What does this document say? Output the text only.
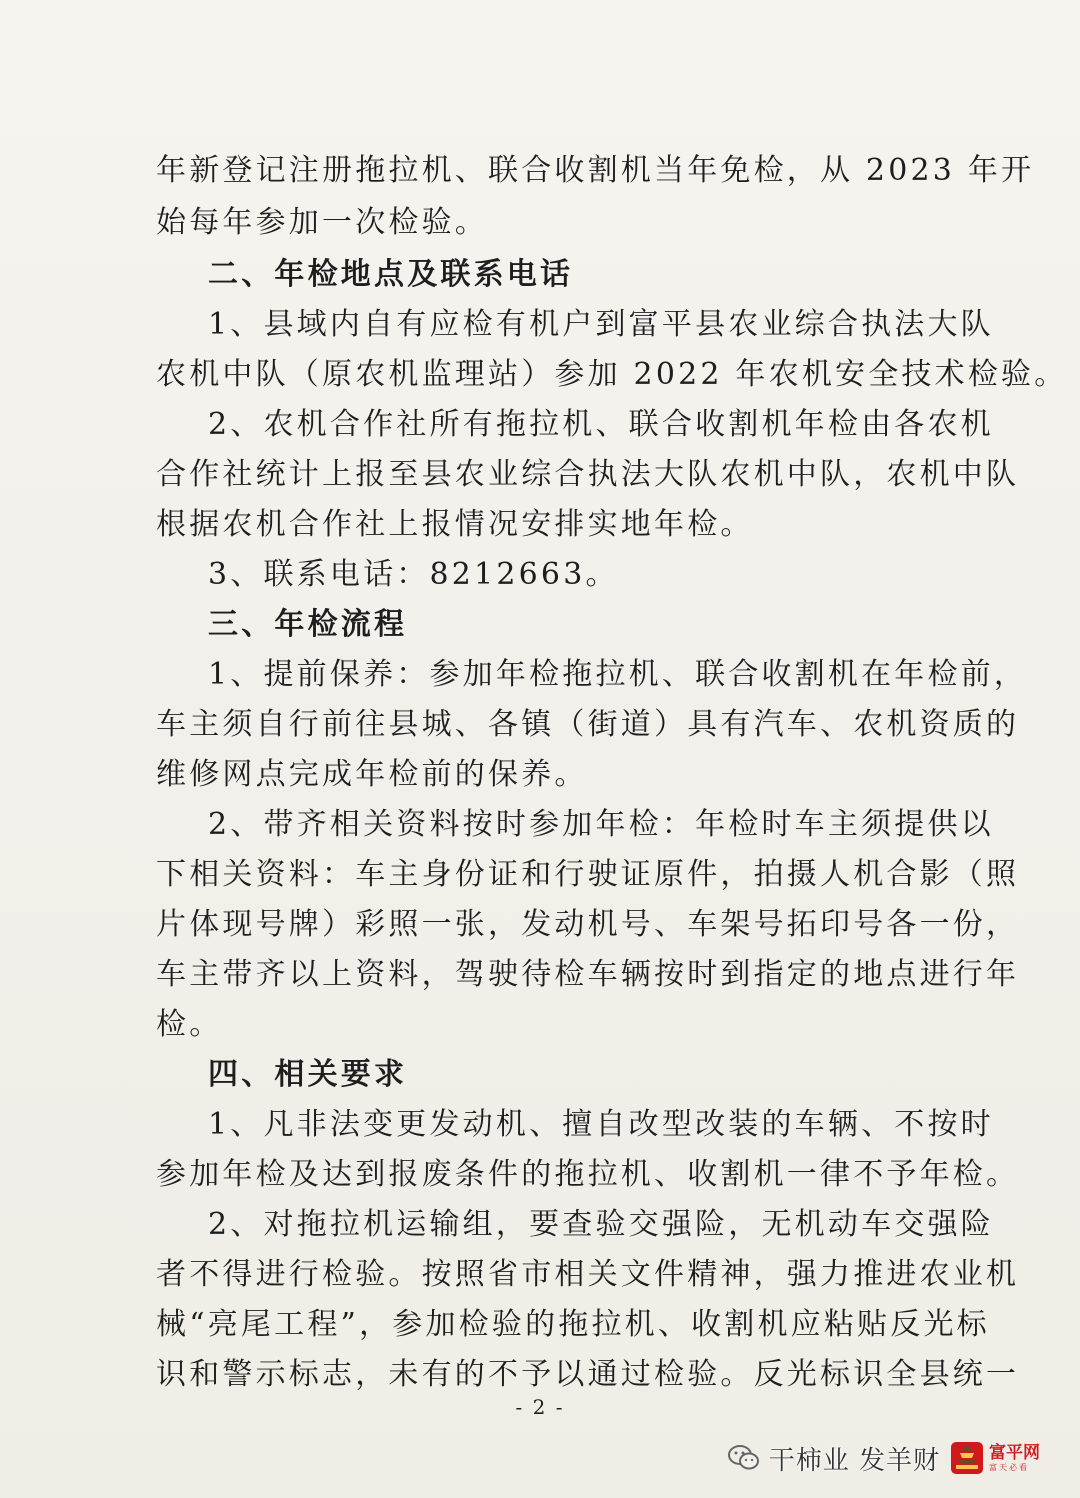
年新登记注册拖拉机、联合收割机当年免检，从 2023 年开
始每年参加一次检验。
二、年检地点及联系电话
1、县域内自有应检有机户到富平县农业综合执法大队
农机中队（原农机监理站）参加 2022 年农机安全技术检验。
2、农机合作社所有拖拉机、联合收割机年检由各农机
合作社统计上报至县农业综合执法大队农机中队，农机中队
根据农机合作社上报情况安排实地年检。
3、联系电话：8212663。
三、年检流程
1、提前保养：参加年检拖拉机、联合收割机在年检前，
车主须自行前往县城、各镇（街道）具有汽车、农机资质的
维修网点完成年检前的保养。
2、带齐相关资料按时参加年检：年检时车主须提供以
下相关资料：车主身份证和行驶证原件，拍摄人机合影（照
片体现号牌）彩照一张，发动机号、车架号拓印号各一份，
车主带齐以上资料，驾驶待检车辆按时到指定的地点进行年
检。
四、相关要求
1、凡非法变更发动机、擅自改型改装的车辆、不按时
参加年检及达到报废条件的拖拉机、收割机一律不予年检。
2、对拖拉机运输组，要查验交强险，无机动车交强险
者不得进行检验。按照省市相关文件精神，强力推进农业机
械“亮尾工程”，参加检验的拖拉机、收割机应粘贴反光标
识和警示标志，未有的不予以通过检验。反光标识全县统一
- 2 -
干柿业 发羊财	富平网
富天必看
